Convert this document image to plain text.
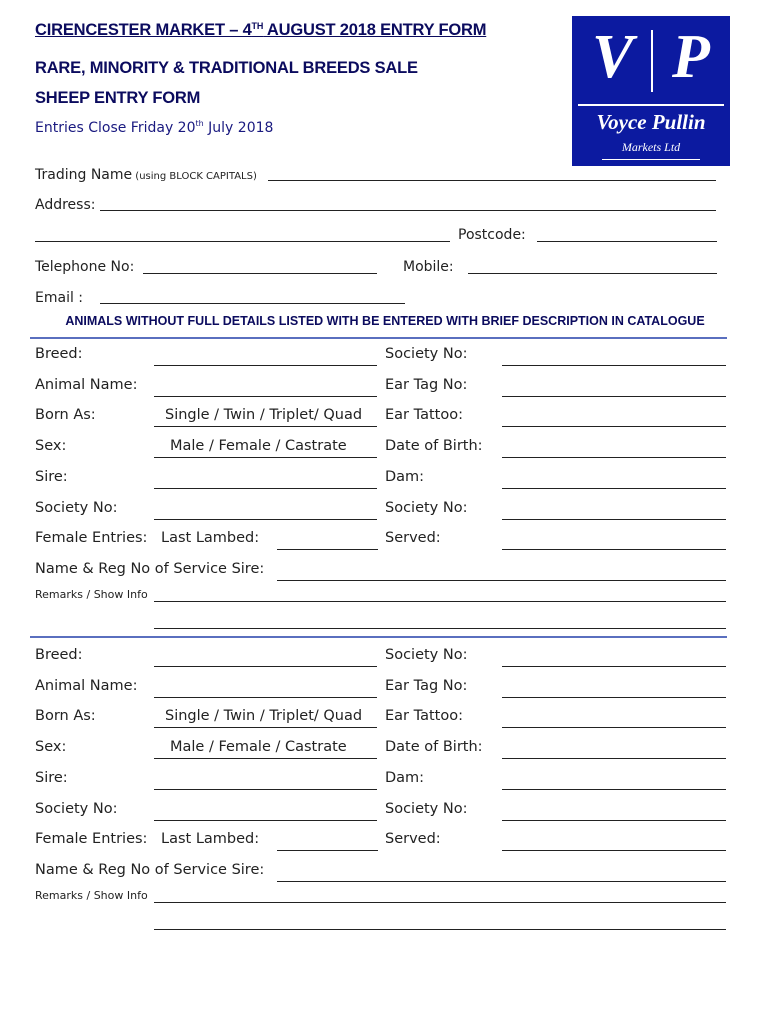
CIRENCESTER MARKET – 4TH AUGUST 2018 ENTRY FORM
RARE, MINORITY & TRADITIONAL BREEDS SALE
SHEEP ENTRY FORM
Entries Close Friday 20th July 2018
V P
Voyce Pullin
Markets Ltd
Trading Name (using BLOCK CAPITALS)
Address:
Postcode:
Telephone No:	Mobile:
Email :
ANIMALS WITHOUT FULL DETAILS LISTED WITH BE ENTERED WITH BRIEF DESCRIPTION IN CATALOGUE
Breed:	Society No:
Animal Name:	Ear Tag No:
Born As:	Single / Twin / Triplet/ Quad Ear Tattoo:
Sex:	Male / Female / Castrate	Date of Birth:
Sire:	Dam:
Society No:	Society No:
Female Entries: Last Lambed:	Served:
Name & Reg No of Service Sire:
Remarks / Show Info
Breed:	Society No:
Animal Name:	Ear Tag No:
Born As:	Single / Twin / Triplet/ Quad Ear Tattoo:
Sex:	Male / Female / Castrate	Date of Birth:
Sire:	Dam:
Society No:	Society No:
Female Entries: Last Lambed:	Served:
Name & Reg No of Service Sire:
Remarks / Show Info
